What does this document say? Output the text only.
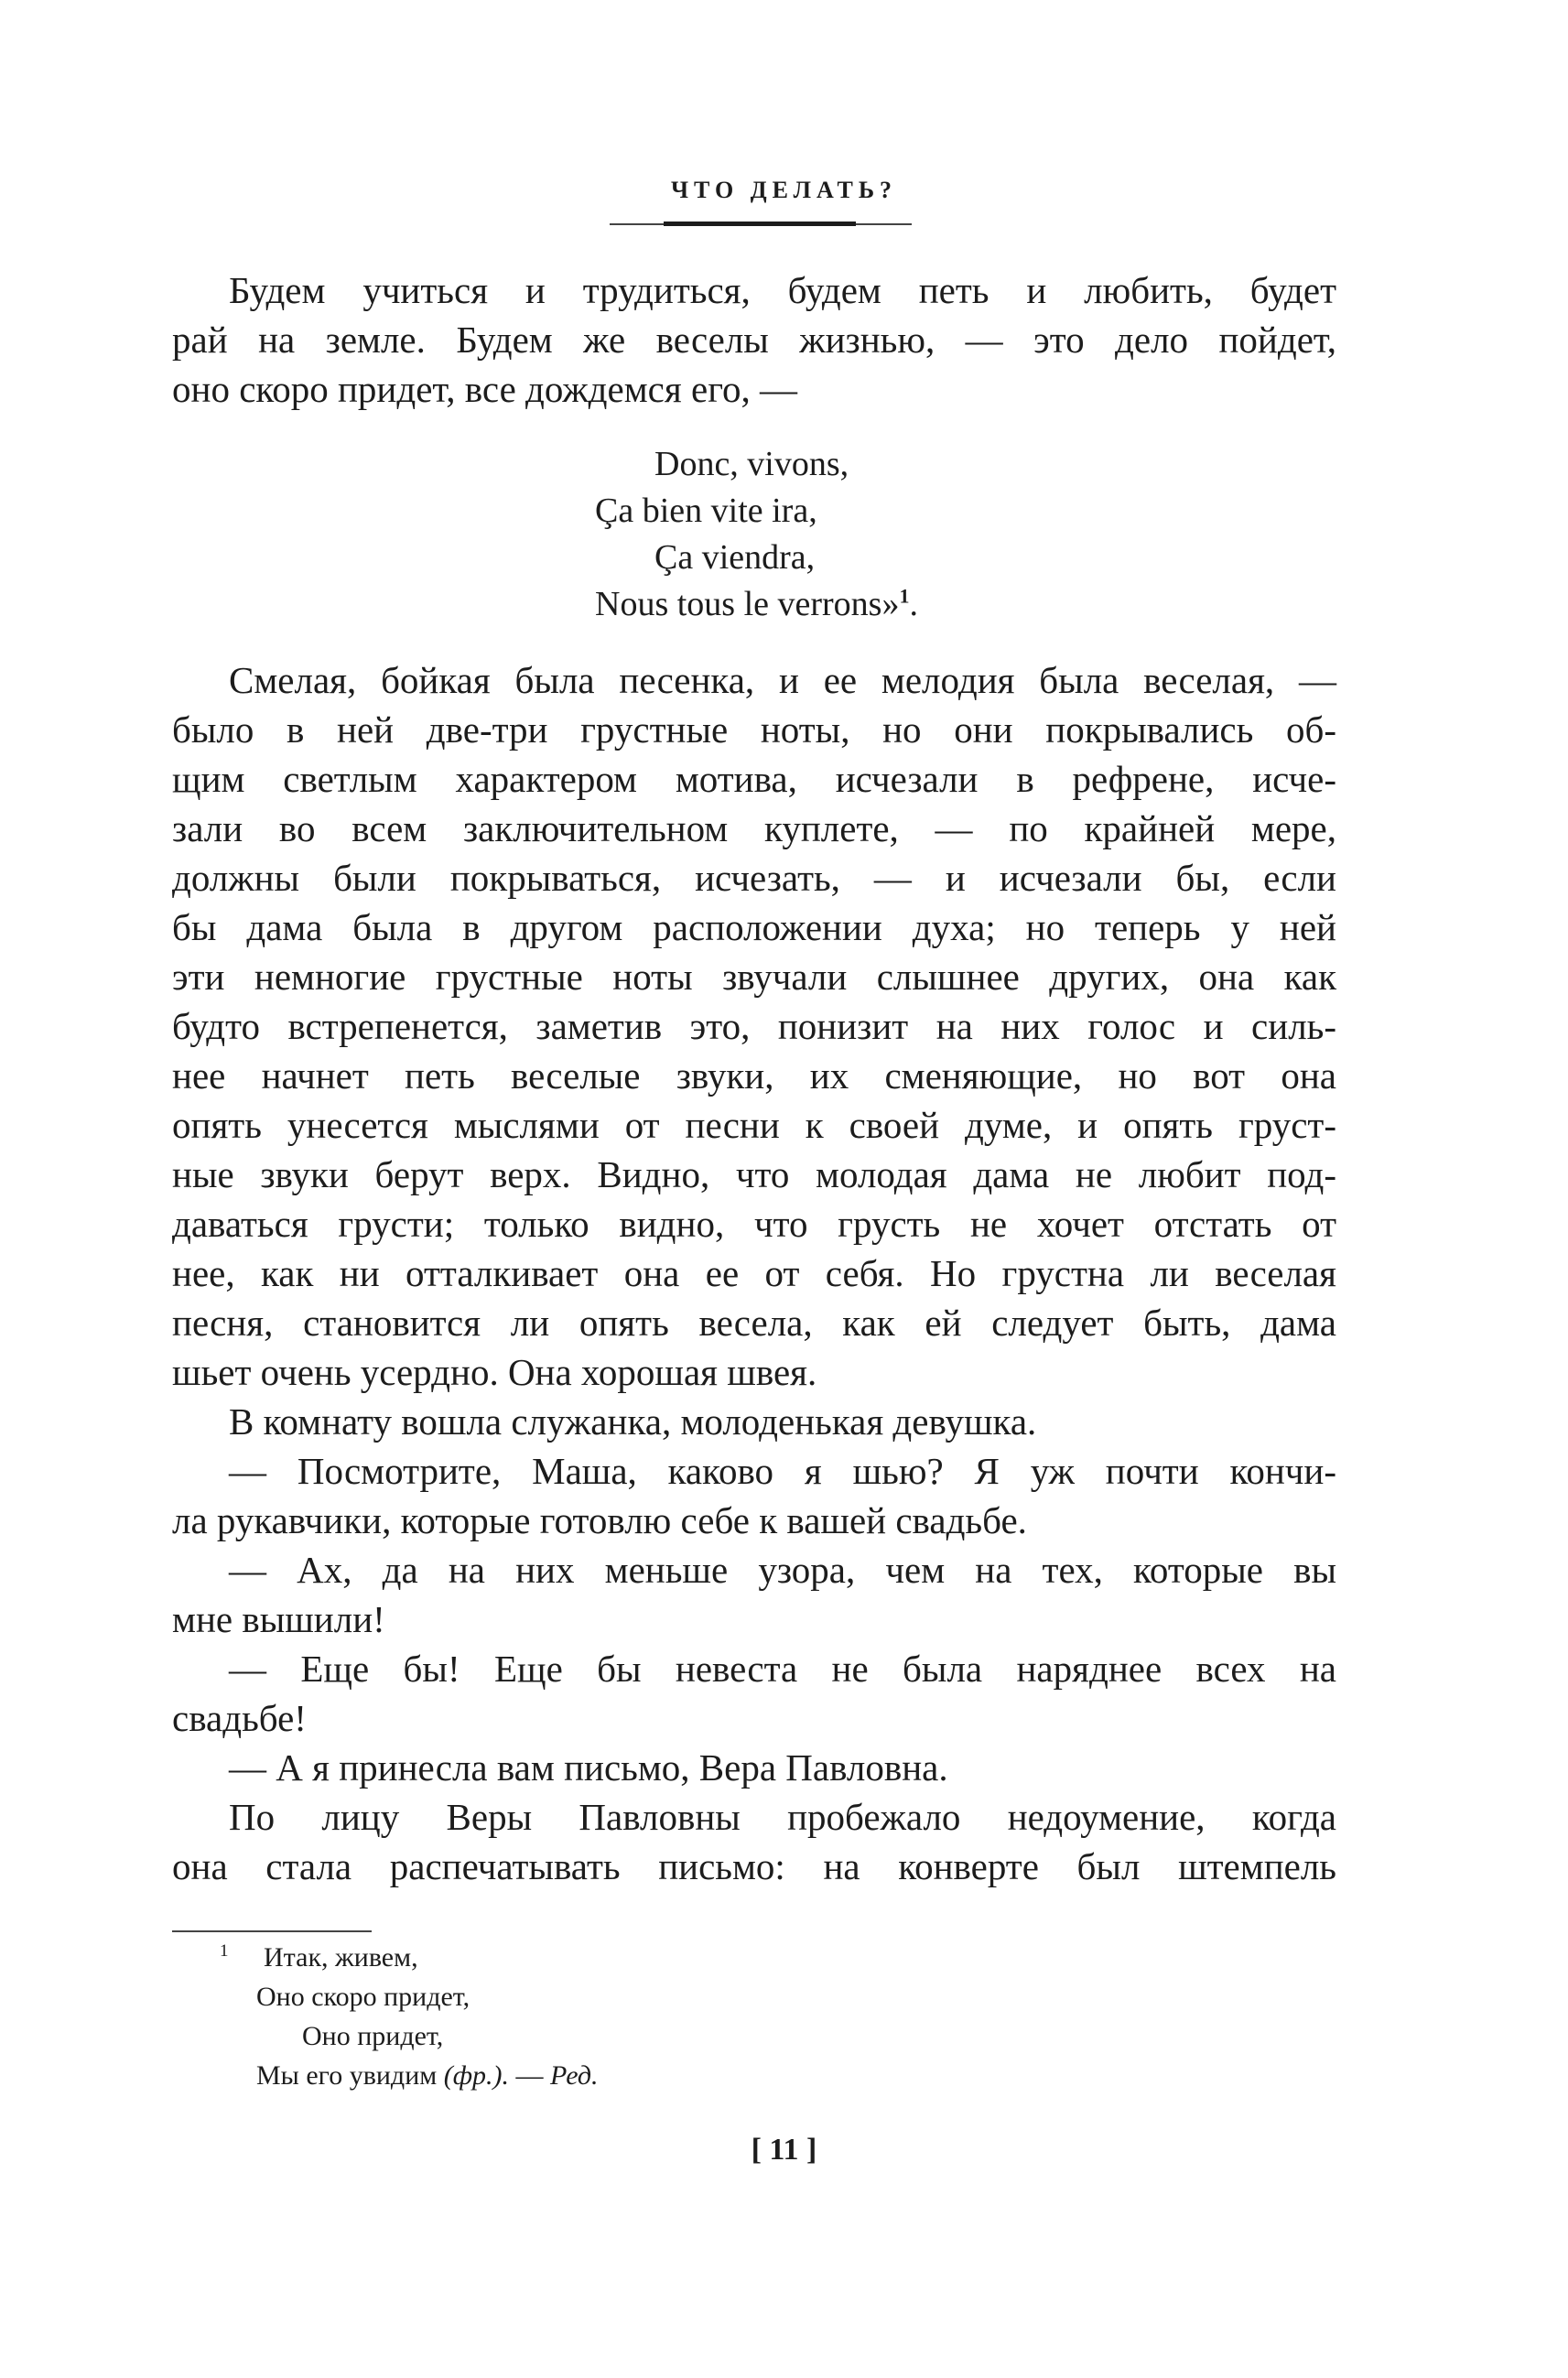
ЧТО ДЕЛАТЬ?
Будем учиться и трудиться, будем петь и любить, будет
рай на земле. Будем же веселы жизнью, — это дело пойдет,
оно скоро придет, все дождемся его, —
Donc, vivons,
Ça bien vite ira,
Ça viendra,
Nous tous le verrons»$^1$.
Смелая, бойкая была песенка, и ее мелодия была веселая, —
было в ней две-три грустные ноты, но они покрывались об-
щим светлым характером мотива, исчезали в рефрене, исче-
зали во всем заключительном куплете, — по крайней мере,
должны были покрываться, исчезать, — и исчезали бы, если
бы дама была в другом расположении духа; но теперь у ней
эти немногие грустные ноты звучали слышнее других, она как
будто встрепенется, заметив это, понизит на них голос и силь-
нее начнет петь веселые звуки, их сменяющие, но вот она
опять унесется мыслями от песни к своей думе, и опять груст-
ные звуки берут верх. Видно, что молодая дама не любит под-
даваться грусти; только видно, что грусть не хочет отстать от
нее, как ни отталкивает она ее от себя. Но грустна ли веселая
песня, становится ли опять весела, как ей следует быть, дама
шьет очень усердно. Она хорошая швея.
В комнату вошла служанка, молоденькая девушка.
— Посмотрите, Маша, каково я шью? Я уж почти кончи-
ла рукавчики, которые готовлю себе к вашей свадьбе.
— Ах, да на них меньше узора, чем на тех, которые вы
мне вышили!
— Еще бы! Еще бы невеста не была наряднее всех на
свадьбе!
— А я принесла вам письмо, Вера Павловна.
По лицу Веры Павловны пробежало недоумение, когда
она стала распечатывать письмо: на конверте был штемпель
1	Итак, живем,
Оно скоро придет,
Оно придет,
Мы его увидим (фр.). — Ред.
[ 11 ]
